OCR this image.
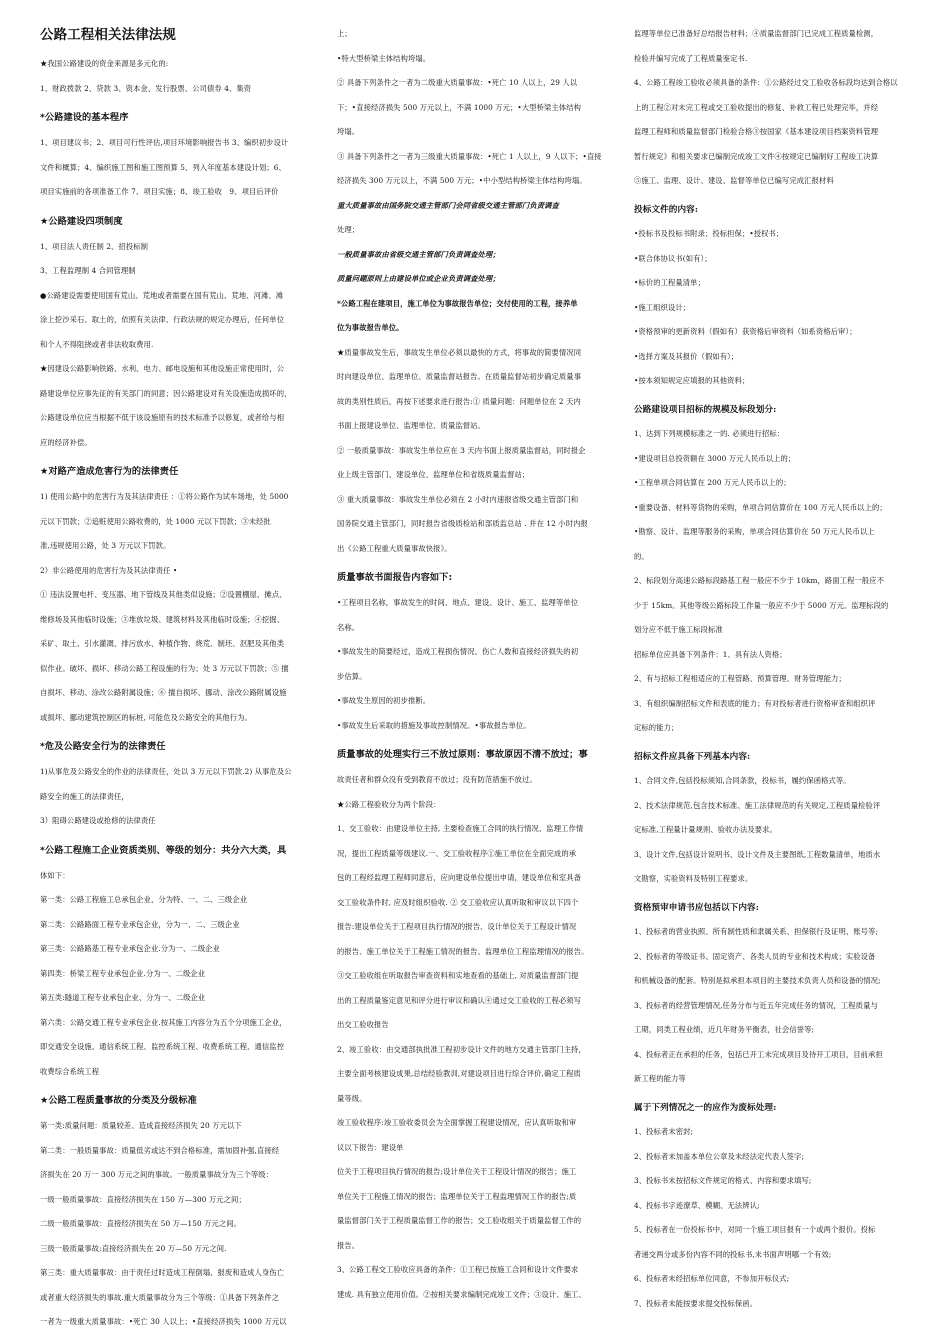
公路工程相关法律法规

★我国公路建设的资金来源是多元化的:

1、财政拨款 2、贷款 3、资本金、发行股票、公司债券 4、集资

*公路建设的基本程序

1、项目建议书；2、项目可行性评估,项目环境影响报告书 3、编织初步设计

文件和概算；4、编织施工图和施工图预算 5、列入年度基本建设计划；6、

项目实施前的各项准备工作 7、项目实施；8、竣工验收　9、项目后评价

★公路建设四项制度

1、项目法人责任制 2、招投标制

3、工程监理制 4 合同管理制

●公路建设需要使用国有荒山、荒地或者需要在国有荒山、荒地、河滩、滩

涂上挖沙采石、取土的，依照有关法律、行政法规的规定办理后，任何单位

和个人不得阻挠或者非法收取费用.

★因建设公路影响铁路、水利、电力、邮电设施和其他设施正常使用时，公

路建设单位应事先征的有关部门的同意；因公路建设对有关设施造成损坏的，

公路建设单位应当根据不低于该设施原有的技术标准予以修复，或者给与相

应的经济补偿。

★对路产造成危害行为的法律责任

1) 使用公路中的危害行为及其法律责任 ：①将公路作为试车场地，处 5000

元以下罚款；②追赃使用公路收费的，处 1000 元以下罚款；③未经批

准,违规使用公路，处 3 万元以下罚款。

2）非公路使用的危害行为及其法律责任 •

① 违法设置电杆、变压器、地下管线及其他类似设施；②设置棚屋、摊点、

维修场及其他临时设施；③堆放垃圾、建筑材料及其他临时设施；④挖掘、

采矿、取土、引水灌溉、排污放水、种植作物、烧荒、制坯、沤肥及其他类

似作业。破坏、损坏、移动公路工程设施的行为；处 3 万元以下罚款；⑤ 擅

自损坏、移动、涂改公路附属设施；⑥ 擅自损坏、挪动、涂改公路附属设施

或损坏、挪动建筑控制区的标桩, 可能危及公路安全的其他行为。

*危及公路安全行为的法律责任

1)从事危及公路安全的作业的法律责任，处以 3 万元以下罚款.2) 从事危及公

路安全的施工的法律责任，

3）阻碍公路建设或抢修的法律责任

*公路工程施工企业资质类别、等级的划分：共分六大类，具

体如下：

第一类：公路工程施工总承包企业，分为特、一、二、三级企业

第二类：公路路面工程专业承包企业，分为一、二、三级企业

第三类：公路路基工程专业承包企业.分为一、二级企业

第四类：桥梁工程专业承包企业.分为一、二级企业

第五类:隧道工程专业承包企业、分为一、二级企业

第六类：公路交通工程专业承包企业.按其施工内容分为五个分项施工企业，

即交通安全设施、通信系统工程、监控系统工程、收费系统工程、通信监控

收费综合系统工程

★公路工程质量事故的分类及分级标准

第一类:质量问题：质量较差、造成直接经济损失 20 万元以下

第二类：一般质量事故：质量低劣或达不到合格标准，需加固补强,直接经

济损失在 20 万一 300 万元之间的事故。一般质量事故分为三个等级：

一级一般质量事故：直接经济损失在 150 万—300 万元之间；

二级一般质量事故：直接经济损失在 50 万—150 万元之间。

三级一般质量事故:直接经济损失在 20 万—50 万元之间.

第三类：重大质量事故：由于责任过时造成工程倒塌、报废和造成人身伤亡

或者重大经济损失的事故.重大质量事故分为三个等级：①具备下列条件之

一者为一级重大质量事故：•死亡 30 人以上；•直接经济损失 1000 万元以

上；

•特大型桥梁主体结构垮塌。

② 具备下列条件之一者为二级重大质量事故：•死亡 10 人以上，29 人以

下；•直接经济损失 500 万元以上，不满 1000 万元；•大型桥梁主体结构

垮塌。

③ 具备下列条件之一者为三级重大质量事故：•死亡 1 人以上，9 人以下；•直接

经济损失 300 万元以上，不满 500 万元；•中小型结构桥梁主体结构垮塌。

重大质量事故由国务院交通主管部门会同省级交通主管部门负责调查

处理；

一般质量事故由省级交通主管部门负责调查处理；

质量问题原则上由建设单位或企业负责调查处理；

*公路工程在建项目，施工单位为事故报告单位；交付使用的工程，接养单

位为事故报告单位。

★质量事故发生后，事故发生单位必须以最快的方式，将事故的简要情况同

时向建设单位、监理单位、质量监督站报告。在质量监督站初步确定质量事

故的类别性质后，再按下述要求进行报告:① 质量问题：问题单位在 2 天内

书面上报建设单位、监理单位、质量监督站。

② 一般质量事故：事故发生单位应在 3 天内书面上报质量监督站，同时报企

业上级主管部门、建设单位、监理单位和省级质量监督站；

③ 重大质量事故：事故发生单位必须在 2 小时内速报省级交通主管部门和

国务院交通主管部门，同时报告省级质检站和部质监总站 . 并在 12 小时内报

出《公路工程重大质量事故快报》。

质量事故书面报告内容如下:

•工程项目名称，事故发生的时间、地点、建设、设计、施工、监理等单位

名称。

•事故发生的简要经过，造成工程损伤情况、伤亡人数和直接经济损失的初

步估算。

•事故发生原因的初步推断。

•事故发生后采取的措施及事故控制情况。•事故报告单位。

质量事故的处理实行三不放过原则：事故原因不清不放过；事

故责任者和群众没有受到教育不放过；没有防范措施不放过。

★公路工程验收分为两个阶段：

1、交工验收：由建设单位主持, 主要检查施工合同的执行情况、监理工作情

况，提出工程质量等级建议.一、交工验收程序①施工单位在全面完成的承

包的工程经监理工程师同意后，应向建设单位提出申请，建设单位和室具备

交工验收条件时, 应及时组织验收. ② 交工验收应认真听取和审议以下四个

报告:建设单位关于工程项目执行情况的报告、设计单位关于工程设计情况

的报告、施工单位关于工程施工情况的报告、监理单位工程监理情况的报告。

③交工验收组在听取报告审查资料和实地查看的基础上, 对质量监督部门提

出的工程质量鉴定意见和评分进行审议和确认④通过交工验收的工程必须写

出交工验收报告

2、竣工验收：由交通部执批准工程初步设计文件的地方交通主管部门主持，

主要全面考核建设成果,总结经验教训,对建设项目进行综合评价,确定工程质

量等级。

竣工验收程序:竣工验收委员会为全面掌握工程建设情况，应认真听取和审

议以下报告：建设单

位关于工程项目执行情况的报告;设计单位关于工程设计情况的报告；施工

单位关于工程施工情况的报告；监理单位关于工程监理情况工作的报告;质

量监督部门关于工程质量监督工作的报告；交工验收组关于质量监督工作的

报告。

3、公路工程交工验收应具备的条件：①工程已按施工合同和设计文件要求

建成. 具有独立使用价值。②按相关要求编制完成竣工文件；③设计、施工、

监理等单位已准备好总结报告材料；④质量监督部门已完成工程质量检测，

检验并编写完成了工程质量鉴定书.

4、公路工程竣工验收必须具备的条件：①公路经过交工验收各标段均达到合格以

上的工程②对未完工程或交工验收提出的修复、补救工程已处理完毕，并经

监理工程师和质量监督部门检验合格③按国家《基本建设项目档案资料管理

暂行规定》和相关要求已编制完成竣工文件④按规定已编制好工程竣工决算

⑤施工、监理、设计、建设、监督等单位已编写完成汇报材料

投标文件的内容:

•投标书及投标书附录；投标担保；•授权书；

•联合体协议书(如有）；

•标价的工程量清单；

•施工组织设计；

•资格预审的更新资料（假如有）获资格后审资料（如系资格后审）；

•选择方案及其报价（假如有）；

•按本须知规定应填报的其他资料；

公路建设项目招标的规模及标段划分:

1、达到下列规模标准之一的. 必须进行招标：

•建设项目总投资额在 3000 万元人民币以上的；

•工程单项合同估算在 200 万元人民币以上的；

•重要设备、材料等货物的采购，单项合同估算价在 100 万元人民币以上的；

•勘察、设计、监理等服务的采购，单项合同估算价在 50 万元人民币以上

的。

2、标段划分高速公路标段路基工程一般应不少于 10km，路面工程一般应不

少于 15km。其他等级公路标段工作量一般应不少于 5000 万元。监理标段的

划分应不低于施工标段标准

招标单位应具备下列条件：1、具有法人资格；

2、有与招标工程相适应的工程管路、预算管理、财务管理能力；

3、有组织编制招标文件和表底的能力；有对投标者进行资格审查和组织评

定标的能力；

招标文件应具备下列基本内容:

1、合同文件,包括投标须知,合同条款，投标书，履约保函格式等。

2、技术法律规范,包含技术标准、施工法律规范的有关规定,工程质量检验评

定标准,工程量计量规则、验收办法及要求。

3、设计文件,包括设计说明书、设计文件及主要图纸,工程数量清单，地质水

文勘察，实验资料及特别工程要求。

资格预审申请书应包括以下内容:

1、投标者的营业执照、所有制性质和隶属关系、担保银行及证明、账号等;

2、投标者的等级证书、固定资产、各类人员的专业和技术构成；实验设备

和机械设备的配套。特别是拟承担本项目的主要技术负责人员和设备的情况;

3、投标者的经营管理情况,任务分布与近五年完成任务的情况，工程质量与

工期，同类工程业绩，近几年财务平衡表，社会信誉等;

4、投标者正在承担的任务，包括已开工未完成项目及待开工项目，目前承担

新工程的能力等

属于下列情况之一的应作为废标处理:

1、投标者未密封;

2、投标者未加盖本单位公章及未经法定代表人签字;

3、投标书未按招标文件规定的格式、内容和要求填写;

4、投标书字迹潦草、模糊、无法辨认;

5、投标者在一份投标书中，对同一个施工项目报有一个或两个报价。投标

者递交两分或多份内容不同的投标书,未书面声明哪一个有效;

6、投标者未经招标单位同意，不参加开标仪式;

7、投标者未能按要求提交投标保函。
